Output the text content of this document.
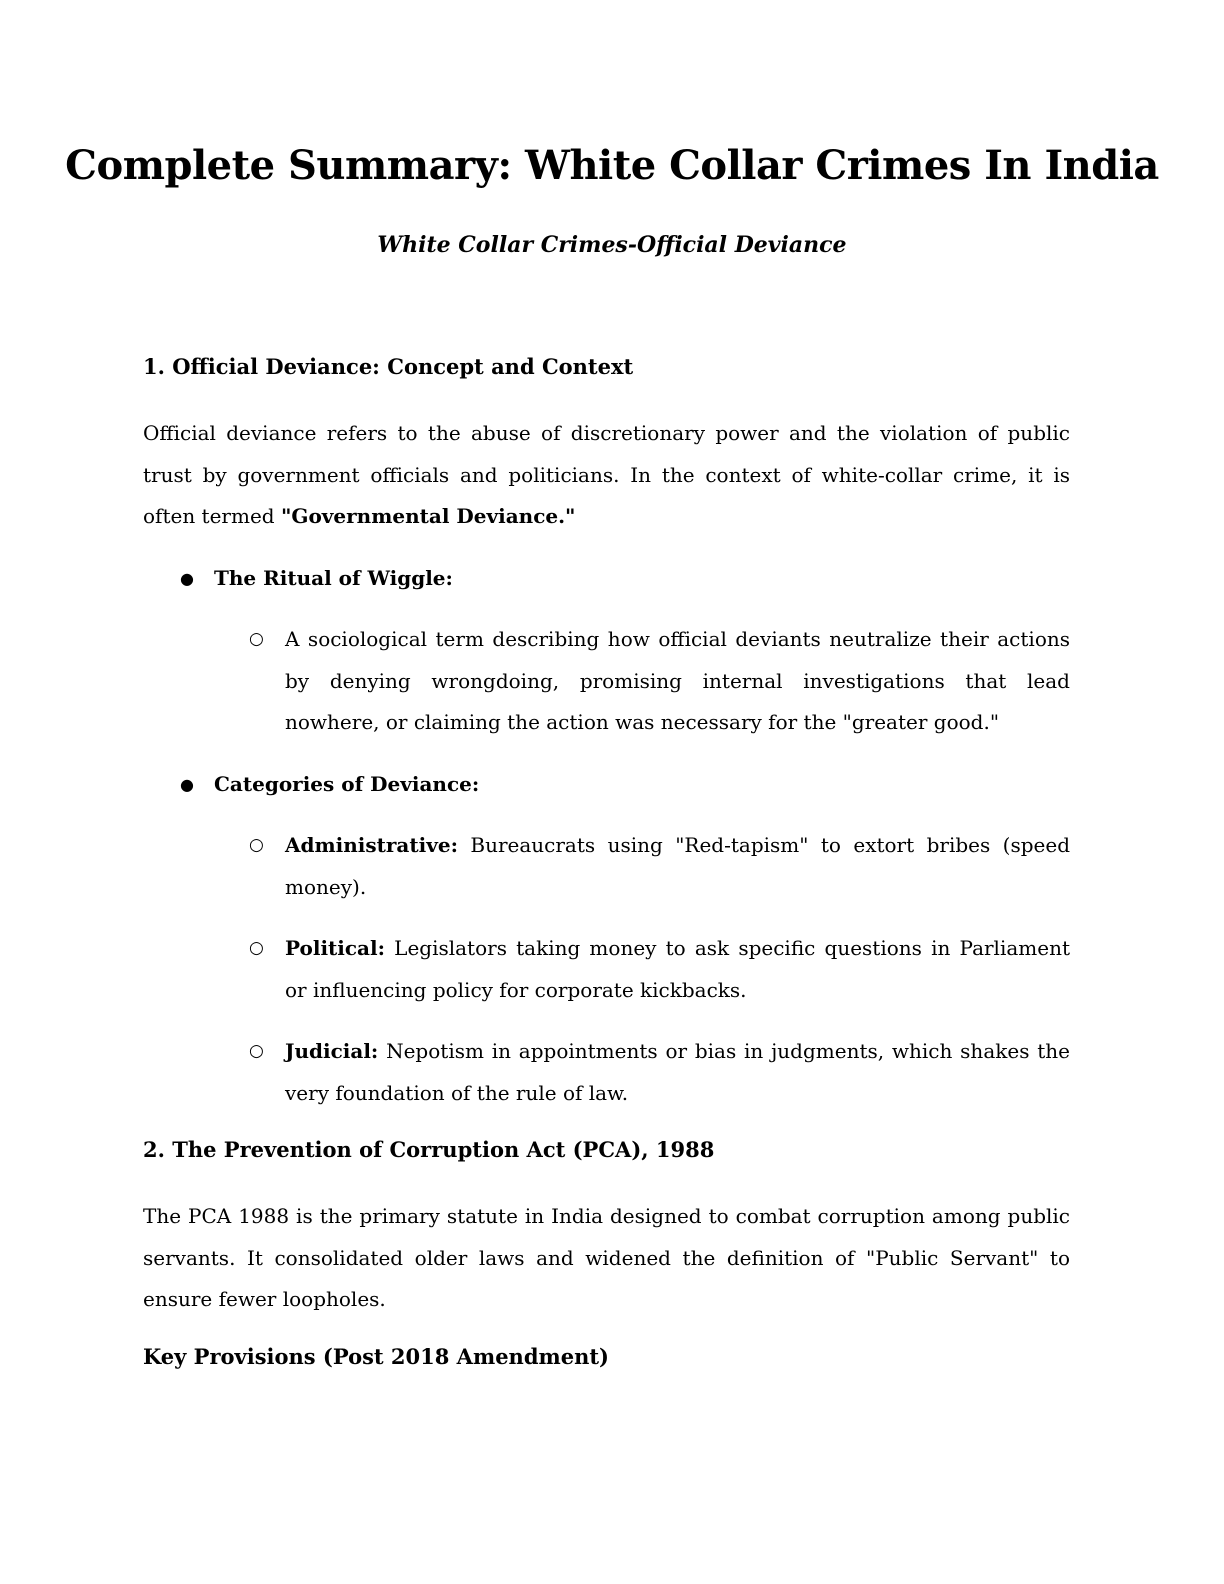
Complete Summary: White Collar Crimes In India
White Collar Crimes-Official Deviance
1. Official Deviance: Concept and Context

Official deviance refers to the abuse of discretionary power and the violation of public trust by government officials and politicians. In the context of white-collar crime, it is often termed "Governmental Deviance."

● The Ritual of Wiggle:
○ A sociological term describing how official deviants neutralize their actions by denying wrongdoing, promising internal investigations that lead nowhere, or claiming the action was necessary for the "greater good."
● Categories of Deviance:
○ Administrative: Bureaucrats using "Red-tapism" to extort bribes (speed money).
○ Political: Legislators taking money to ask specific questions in Parliament or influencing policy for corporate kickbacks.
○ Judicial: Nepotism in appointments or bias in judgments, which shakes the very foundation of the rule of law.
2. The Prevention of Corruption Act (PCA), 1988

The PCA 1988 is the primary statute in India designed to combat corruption among public servants. It consolidated older laws and widened the definition of "Public Servant" to ensure fewer loopholes.

Key Provisions (Post 2018 Amendment)
